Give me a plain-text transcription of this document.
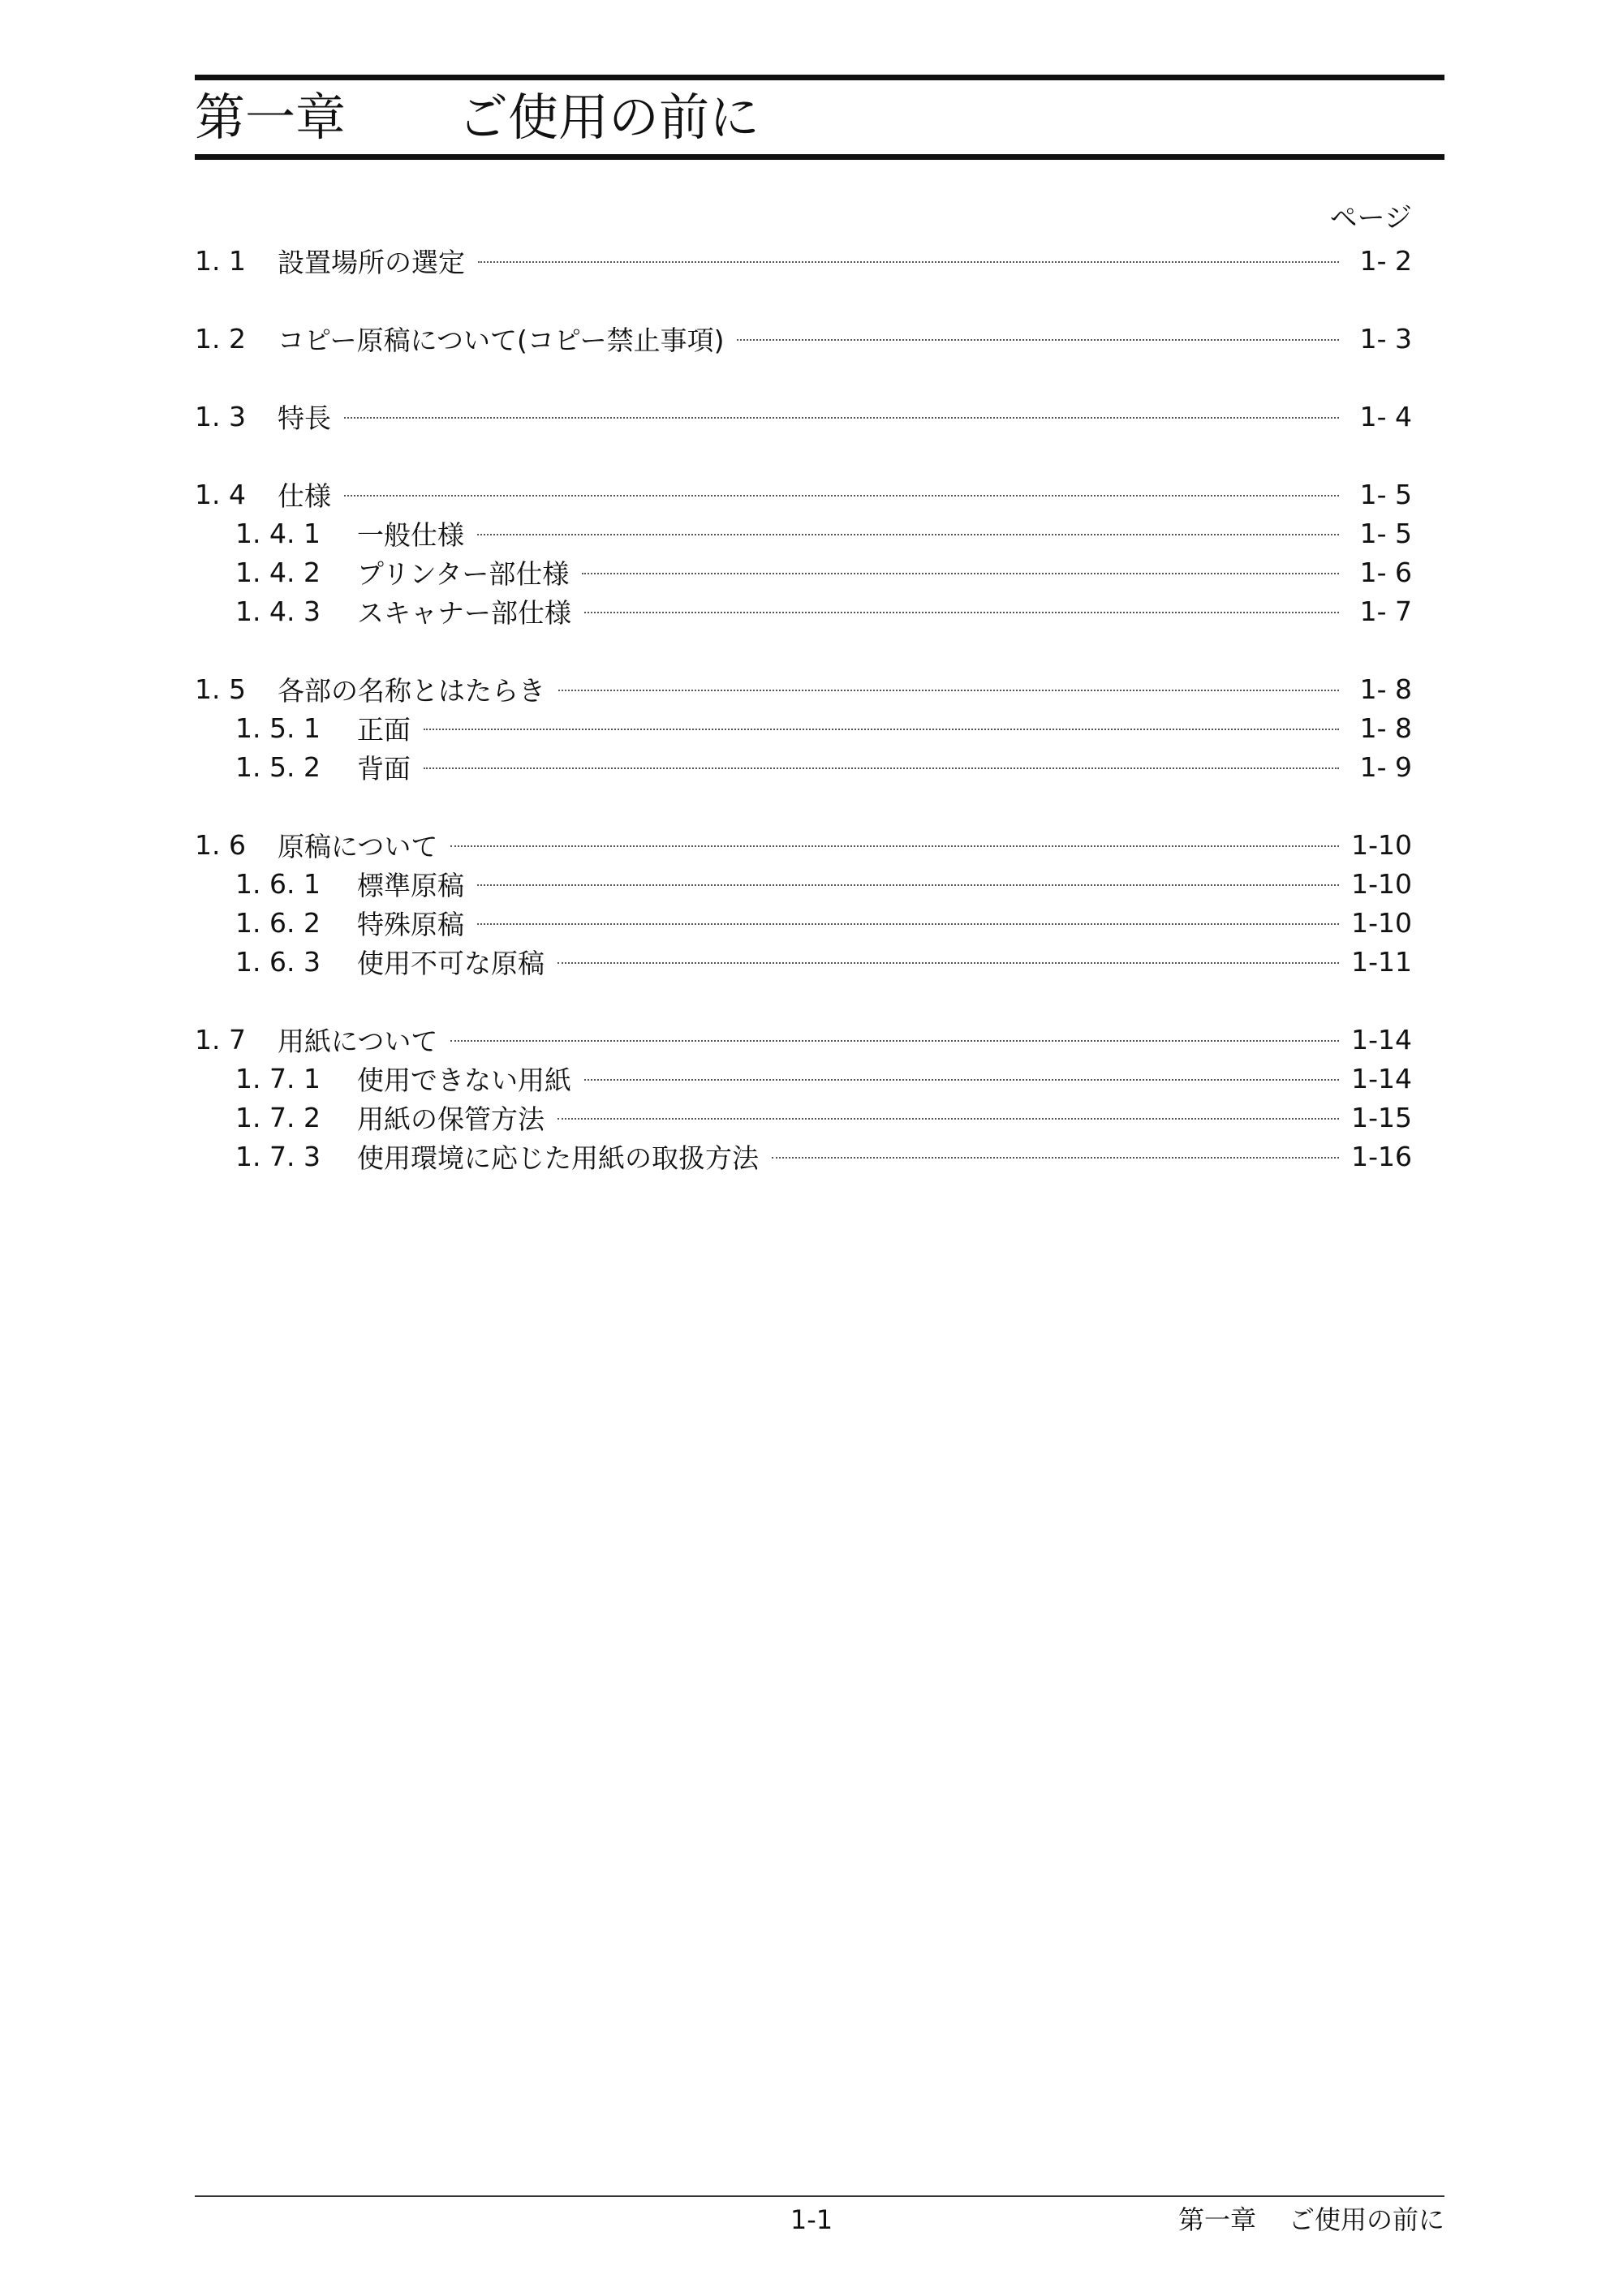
第一章 ご使用の前に
ページ
1. 1	設置場所の選定	1- 2
1. 2	コピー原稿について(コピー禁止事項)	1- 3
1. 3	特長	1- 4
1. 4	仕様	1- 5
1. 4. 1	一般仕様	1- 5
1. 4. 2	プリンター部仕様	1- 6
1. 4. 3	スキャナー部仕様	1- 7
1. 5	各部の名称とはたらき	1- 8
1. 5. 1	正面	1- 8
1. 5. 2	背面	1- 9
1. 6	原稿について	1-10
1. 6. 1	標準原稿	1-10
1. 6. 2	特殊原稿	1-10
1. 6. 3	使用不可な原稿	1-11
1. 7	用紙について	1-14
1. 7. 1	使用できない用紙	1-14
1. 7. 2	用紙の保管方法	1-15
1. 7. 3	使用環境に応じた用紙の取扱方法	1-16
1-1	第一章 ご使用の前に
